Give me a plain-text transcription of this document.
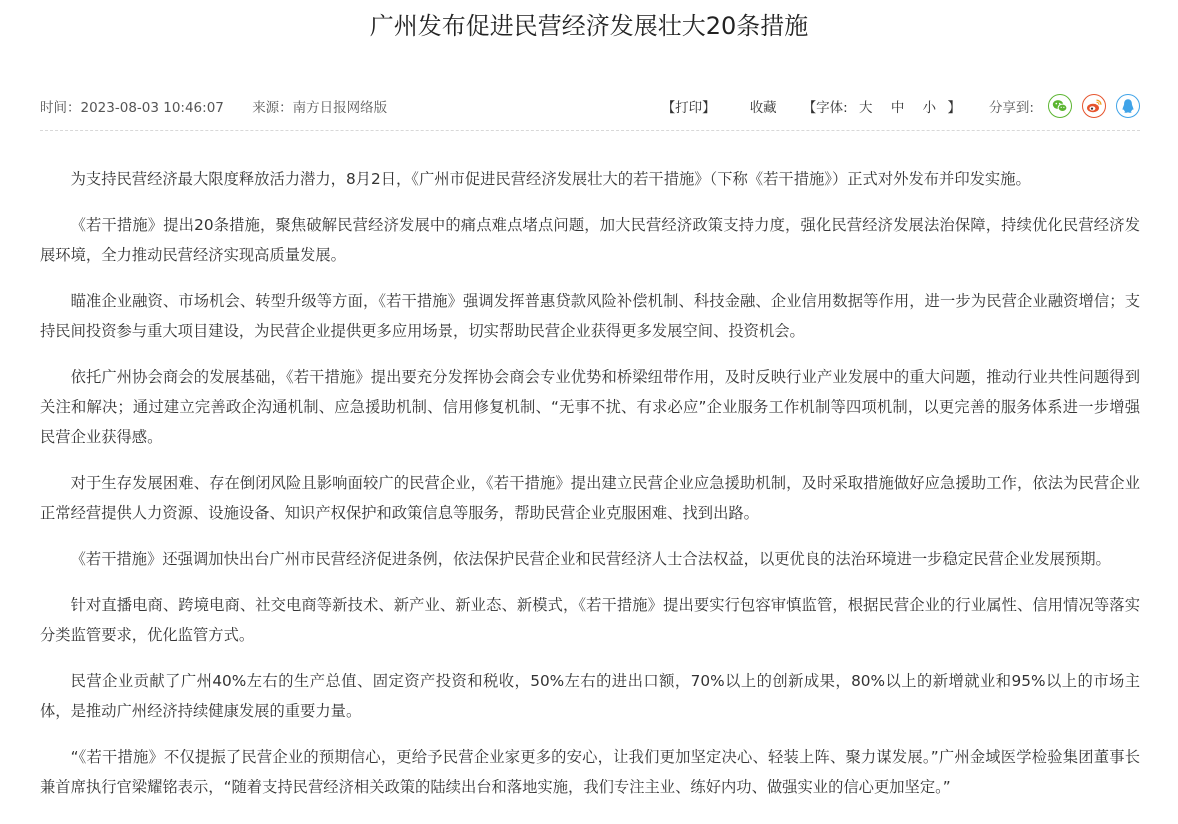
广州发布促进民营经济发展壮大20条措施
时间：2023-08-03 10:46:07 来源：南方日报网络版	【打印】	收藏 【字体: 大 中 小 】 分享到:

为支持民营经济最大限度释放活力潜力，8月2日，《广州市促进民营经济发展壮大的若干措施》（下称《若干措施》）正式对外发布并印发实施。

《若干措施》提出20条措施，聚焦破解民营经济发展中的痛点难点堵点问题，加大民营经济政策支持力度，强化民营经济发展法治保障，持续优化民营经济发展环境，全力推动民营经济实现高质量发展。

瞄准企业融资、市场机会、转型升级等方面，《若干措施》强调发挥普惠贷款风险补偿机制、科技金融、企业信用数据等作用，进一步为民营企业融资增信；支持民间投资参与重大项目建设，为民营企业提供更多应用场景，切实帮助民营企业获得更多发展空间、投资机会。

依托广州协会商会的发展基础，《若干措施》提出要充分发挥协会商会专业优势和桥梁纽带作用，及时反映行业产业发展中的重大问题，推动行业共性问题得到关注和解决；通过建立完善政企沟通机制、应急援助机制、信用修复机制、“无事不扰、有求必应”企业服务工作机制等四项机制，以更完善的服务体系进一步增强民营企业获得感。

对于生存发展困难、存在倒闭风险且影响面较广的民营企业，《若干措施》提出建立民营企业应急援助机制，及时采取措施做好应急援助工作，依法为民营企业正常经营提供人力资源、设施设备、知识产权保护和政策信息等服务，帮助民营企业克服困难、找到出路。

《若干措施》还强调加快出台广州市民营经济促进条例，依法保护民营企业和民营经济人士合法权益，以更优良的法治环境进一步稳定民营企业发展预期。

针对直播电商、跨境电商、社交电商等新技术、新产业、新业态、新模式，《若干措施》提出要实行包容审慎监管，根据民营企业的行业属性、信用情况等落实分类监管要求，优化监管方式。

民营企业贡献了广州40%左右的生产总值、固定资产投资和税收，50%左右的进出口额，70%以上的创新成果，80%以上的新增就业和95%以上的市场主体，是推动广州经济持续健康发展的重要力量。

“《若干措施》不仅提振了民营企业的预期信心，更给予民营企业家更多的安心，让我们更加坚定决心、轻装上阵、聚力谋发展。”广州金域医学检验集团董事长兼首席执行官梁耀铭表示，“随着支持民营经济相关政策的陆续出台和落地实施，我们专注主业、练好内功、做强实业的信心更加坚定。”
